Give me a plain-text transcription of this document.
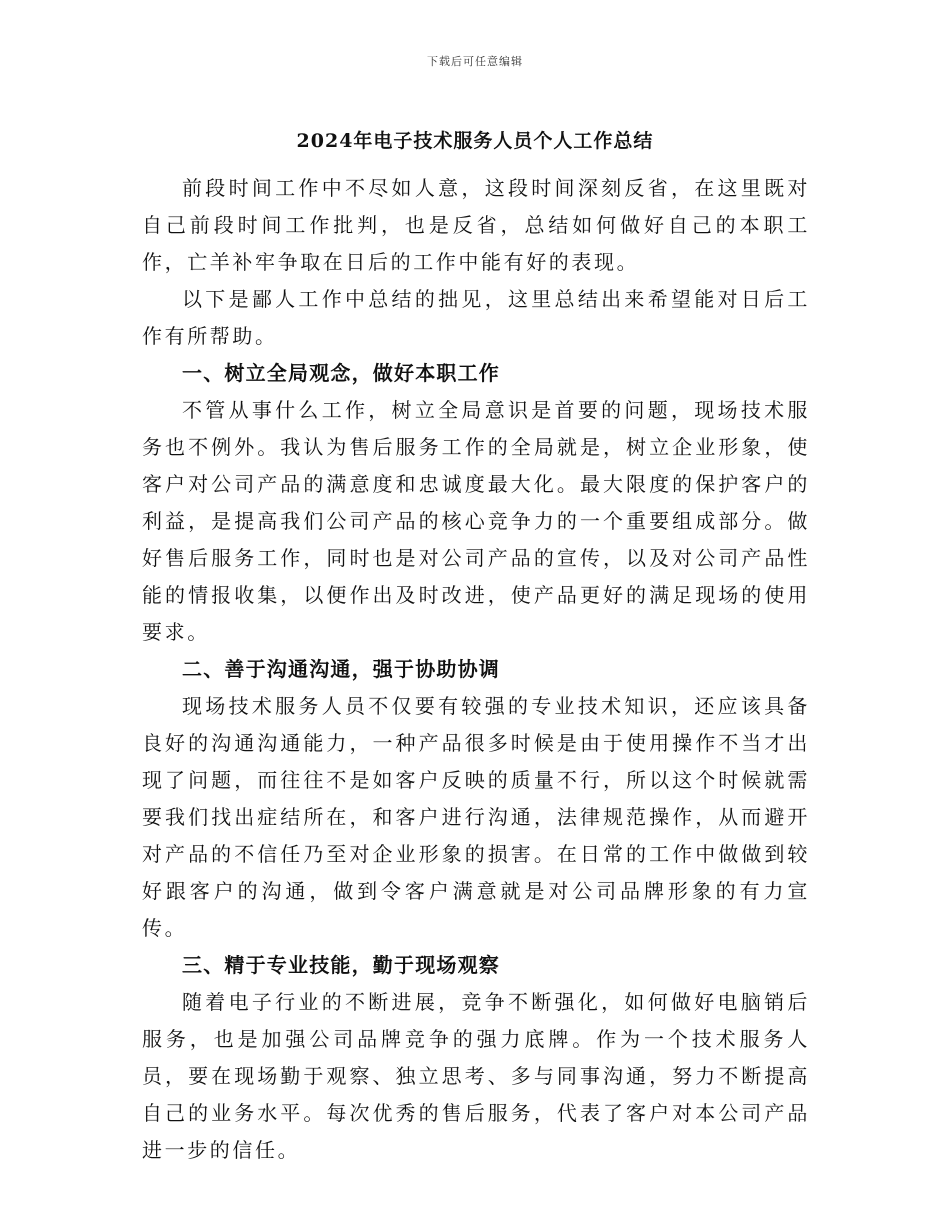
下载后可任意编辑
2024年电子技术服务人员个人工作总结

前段时间工作中不尽如人意，这段时间深刻反省，在这里既对自己前段时间工作批判，也是反省，总结如何做好自己的本职工作，亡羊补牢争取在日后的工作中能有好的表现。

以下是鄙人工作中总结的拙见，这里总结出来希望能对日后工作有所帮助。

一、树立全局观念，做好本职工作

不管从事什么工作，树立全局意识是首要的问题，现场技术服务也不例外。我认为售后服务工作的全局就是，树立企业形象，使客户对公司产品的满意度和忠诚度最大化。最大限度的保护客户的利益，是提高我们公司产品的核心竞争力的一个重要组成部分。做好售后服务工作，同时也是对公司产品的宣传，以及对公司产品性能的情报收集，以便作出及时改进，使产品更好的满足现场的使用要求。

二、善于沟通沟通，强于协助协调

现场技术服务人员不仅要有较强的专业技术知识，还应该具备良好的沟通沟通能力，一种产品很多时候是由于使用操作不当才出现了问题，而往往不是如客户反映的质量不行，所以这个时候就需要我们找出症结所在，和客户进行沟通，法律规范操作，从而避开对产品的不信任乃至对企业形象的损害。在日常的工作中做做到较好跟客户的沟通，做到令客户满意就是对公司品牌形象的有力宣传。

三、精于专业技能，勤于现场观察

随着电子行业的不断进展，竞争不断强化，如何做好电脑销后服务，也是加强公司品牌竞争的强力底牌。作为一个技术服务人员，要在现场勤于观察、独立思考、多与同事沟通，努力不断提高自己的业务水平。每次优秀的售后服务，代表了客户对本公司产品进一步的信任。
